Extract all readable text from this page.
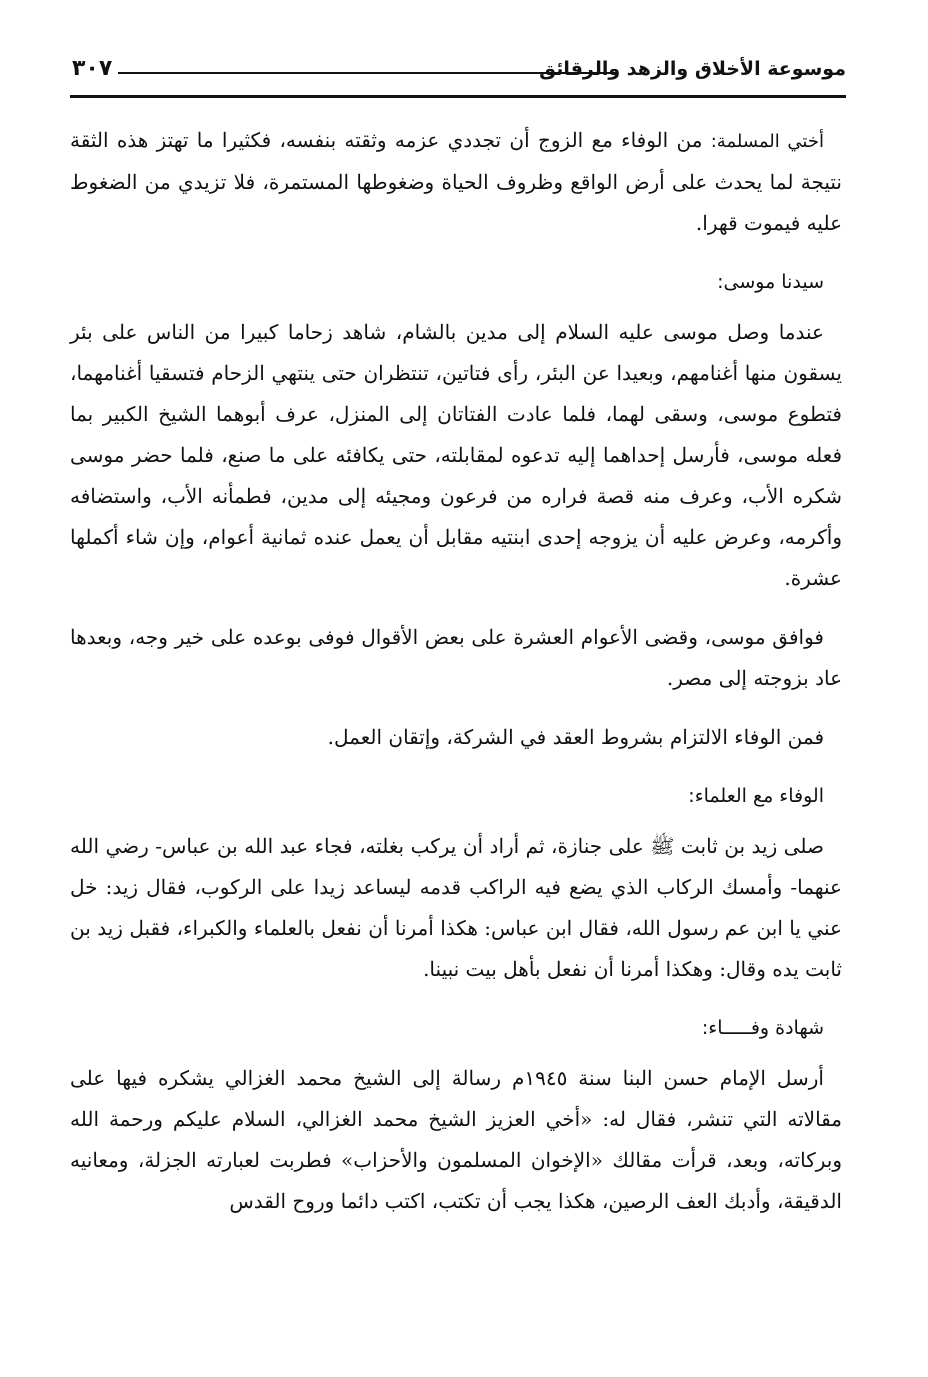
موسوعة الأخلاق والزهد والرقائق
٣٠٧

أختي المسلمة: من الوفاء مع الزوج أن تجددي عزمه وثقته بنفسه، فكثيرا ما تهتز هذه الثقة نتيجة لما يحدث على أرض الواقع وظروف الحياة وضغوطها المستمرة، فلا تزيدي من الضغوط عليه فيموت قهرا.

سيدنا موسى:

عندما وصل موسى عليه السلام إلى مدين بالشام، شاهد زحاما كبيرا من الناس على بئر يسقون منها أغنامهم، وبعيدا عن البئر، رأى فتاتين، تنتظران حتى ينتهي الزحام فتسقيا أغنامهما، فتطوع موسى، وسقى لهما، فلما عادت الفتاتان إلى المنزل، عرف أبوهما الشيخ الكبير بما فعله موسى، فأرسل إحداهما إليه تدعوه لمقابلته، حتى يكافئه على ما صنع، فلما حضر موسى شكره الأب، وعرف منه قصة فراره من فرعون ومجيئه إلى مدين، فطمأنه الأب، واستضافه وأكرمه، وعرض عليه أن يزوجه إحدى ابنتيه مقابل أن يعمل عنده ثمانية أعوام، وإن شاء أكملها عشرة.

فوافق موسى، وقضى الأعوام العشرة على بعض الأقوال فوفى بوعده على خير وجه، وبعدها عاد بزوجته إلى مصر.

فمن الوفاء الالتزام بشروط العقد في الشركة، وإتقان العمل.

الوفاء مع العلماء:

صلى زيد بن ثابت ﷺ على جنازة، ثم أراد أن يركب بغلته، فجاء عبد الله بن عباس- رضي الله عنهما- وأمسك الركاب الذي يضع فيه الراكب قدمه ليساعد زيدا على الركوب، فقال زيد: خل عني يا ابن عم رسول الله، فقال ابن عباس: هكذا أمرنا أن نفعل بالعلماء والكبراء، فقبل زيد بن ثابت يده وقال: وهكذا أمرنا أن نفعل بأهل بيت نبينا.

شهادة وفـــــاء:

أرسل الإمام حسن البنا سنة ١٩٤٥م رسالة إلى الشيخ محمد الغزالي يشكره فيها على مقالاته التي تنشر، فقال له: «أخي العزيز الشيخ محمد الغزالي، السلام عليكم ورحمة الله وبركاته، وبعد، قرأت مقالك «الإخوان المسلمون والأحزاب» فطربت لعبارته الجزلة، ومعانيه الدقيقة، وأدبك العف الرصين، هكذا يجب أن تكتب، اكتب دائما وروح القدس
